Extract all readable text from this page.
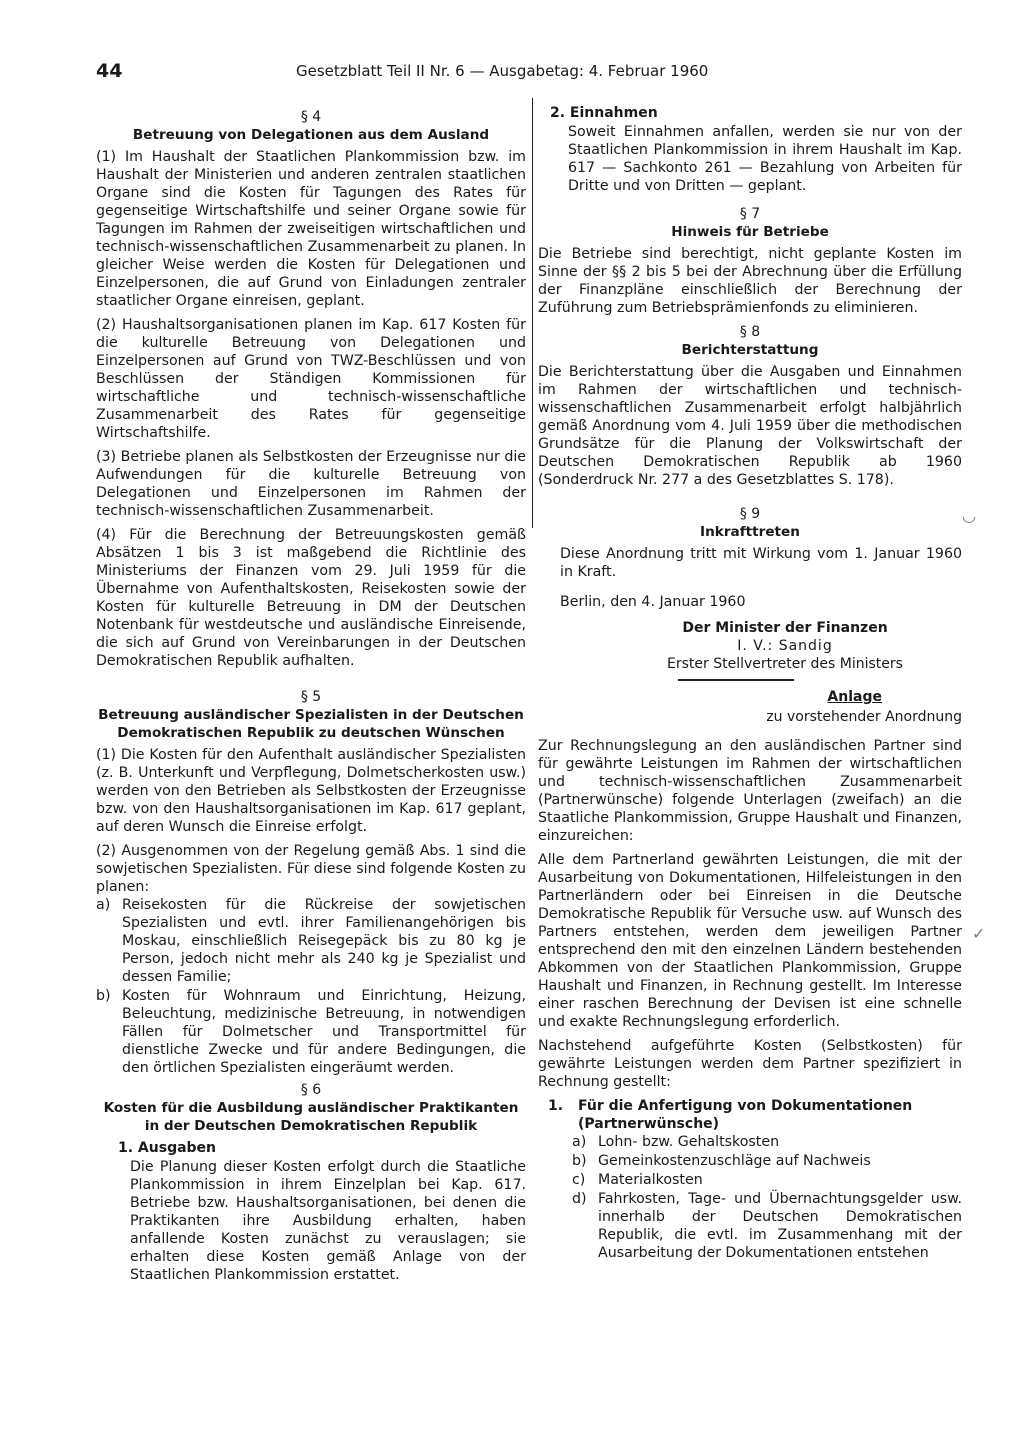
44	Gesetzblatt Teil II Nr. 6 — Ausgabetag: 4. Februar 1960
§ 4
Betreuung von Delegationen aus dem Ausland

(1) Im Haushalt der Staatlichen Plankommission bzw. im Haushalt der Ministerien und anderen zentralen staatlichen Organe sind die Kosten für Tagungen des Rates für gegenseitige Wirtschaftshilfe und seiner Organe sowie für Tagungen im Rahmen der zweiseitigen wirtschaftlichen und technisch-wissenschaftlichen Zusammenarbeit zu planen. In gleicher Weise werden die Kosten für Delegationen und Einzelpersonen, die auf Grund von Einladungen zentraler staatlicher Organe einreisen, geplant.

(2) Haushaltsorganisationen planen im Kap. 617 Kosten für die kulturelle Betreuung von Delegationen und Einzelpersonen auf Grund von TWZ-Beschlüssen und von Beschlüssen der Ständigen Kommissionen für wirtschaftliche und technisch-wissenschaftliche Zusammenarbeit des Rates für gegenseitige Wirtschaftshilfe.

(3) Betriebe planen als Selbstkosten der Erzeugnisse nur die Aufwendungen für die kulturelle Betreuung von Delegationen und Einzelpersonen im Rahmen der technisch-wissenschaftlichen Zusammenarbeit.

(4) Für die Berechnung der Betreuungskosten gemäß Absätzen 1 bis 3 ist maßgebend die Richtlinie des Ministeriums der Finanzen vom 29. Juli 1959 für die Übernahme von Aufenthaltskosten, Reisekosten sowie der Kosten für kulturelle Betreuung in DM der Deutschen Notenbank für westdeutsche und ausländische Einreisende, die sich auf Grund von Vereinbarungen in der Deutschen Demokratischen Republik aufhalten.

§ 5
Betreuung ausländischer Spezialisten in der Deutschen Demokratischen Republik zu deutschen Wünschen

(1) Die Kosten für den Aufenthalt ausländischer Spezialisten (z. B. Unterkunft und Verpflegung, Dolmetscherkosten usw.) werden von den Betrieben als Selbstkosten der Erzeugnisse bzw. von den Haushaltsorganisationen im Kap. 617 geplant, auf deren Wunsch die Einreise erfolgt.

(2) Ausgenommen von der Regelung gemäß Abs. 1 sind die sowjetischen Spezialisten. Für diese sind folgende Kosten zu planen:

a) Reisekosten für die Rückreise der sowjetischen Spezialisten und evtl. ihrer Familienangehörigen bis Moskau, einschließlich Reisegepäck bis zu 80 kg je Person, jedoch nicht mehr als 240 kg je Spezialist und dessen Familie;
b) Kosten für Wohnraum und Einrichtung, Heizung, Beleuchtung, medizinische Betreuung, in notwendigen Fällen für Dolmetscher und Transportmittel für dienstliche Zwecke und für andere Bedingungen, die den örtlichen Spezialisten eingeräumt werden.
§ 6
Kosten für die Ausbildung ausländischer Praktikanten in der Deutschen Demokratischen Republik
1. Ausgaben

Die Planung dieser Kosten erfolgt durch die Staatliche Plankommission in ihrem Einzelplan bei Kap. 617. Betriebe bzw. Haushaltsorganisationen, bei denen die Praktikanten ihre Ausbildung erhalten, haben anfallende Kosten zunächst zu verauslagen; sie erhalten diese Kosten gemäß Anlage von der Staatlichen Plankommission erstattet.

2. Einnahmen

Soweit Einnahmen anfallen, werden sie nur von der Staatlichen Plankommission in ihrem Haushalt im Kap. 617 — Sachkonto 261 — Bezahlung von Arbeiten für Dritte und von Dritten — geplant.

§ 7
Hinweis für Betriebe

Die Betriebe sind berechtigt, nicht geplante Kosten im Sinne der §§ 2 bis 5 bei der Abrechnung über die Erfüllung der Finanzpläne einschließlich der Berechnung der Zuführung zum Betriebsprämienfonds zu eliminieren.

§ 8
Berichterstattung

Die Berichterstattung über die Ausgaben und Einnahmen im Rahmen der wirtschaftlichen und technisch-wissenschaftlichen Zusammenarbeit erfolgt halbjährlich gemäß Anordnung vom 4. Juli 1959 über die methodischen Grundsätze für die Planung der Volkswirtschaft der Deutschen Demokratischen Republik ab 1960 (Sonderdruck Nr. 277 a des Gesetzblattes S. 178).

§ 9
Inkrafttreten

Diese Anordnung tritt mit Wirkung vom 1. Januar 1960 in Kraft.

Berlin, den 4. Januar 1960

Der Minister der Finanzen
I. V.: Sandig
Erster Stellvertreter des Ministers
Anlage
zu vorstehender Anordnung

Zur Rechnungslegung an den ausländischen Partner sind für gewährte Leistungen im Rahmen der wirtschaftlichen und technisch-wissenschaftlichen Zusammenarbeit (Partnerwünsche) folgende Unterlagen (zweifach) an die Staatliche Plankommission, Gruppe Haushalt und Finanzen, einzureichen:

Alle dem Partnerland gewährten Leistungen, die mit der Ausarbeitung von Dokumentationen, Hilfeleistungen in den Partnerländern oder bei Einreisen in die Deutsche Demokratische Republik für Versuche usw. auf Wunsch des Partners entstehen, werden dem jeweiligen Partner entsprechend den mit den einzelnen Ländern bestehenden Abkommen von der Staatlichen Plankommission, Gruppe Haushalt und Finanzen, in Rechnung gestellt. Im Interesse einer raschen Berechnung der Devisen ist eine schnelle und exakte Rechnungslegung erforderlich.

Nachstehend aufgeführte Kosten (Selbstkosten) für gewährte Leistungen werden dem Partner spezifiziert in Rechnung gestellt:

1.	Für die Anfertigung von Dokumentationen (Partnerwünsche)
a) Lohn- bzw. Gehaltskosten
b) Gemeinkostenzuschläge auf Nachweis
c) Materialkosten
d) Fahrkosten, Tage- und Übernachtungsgelder usw. innerhalb der Deutschen Demokratischen Republik, die evtl. im Zusammenhang mit der Ausarbeitung der Dokumentationen entstehen
◡
✓
